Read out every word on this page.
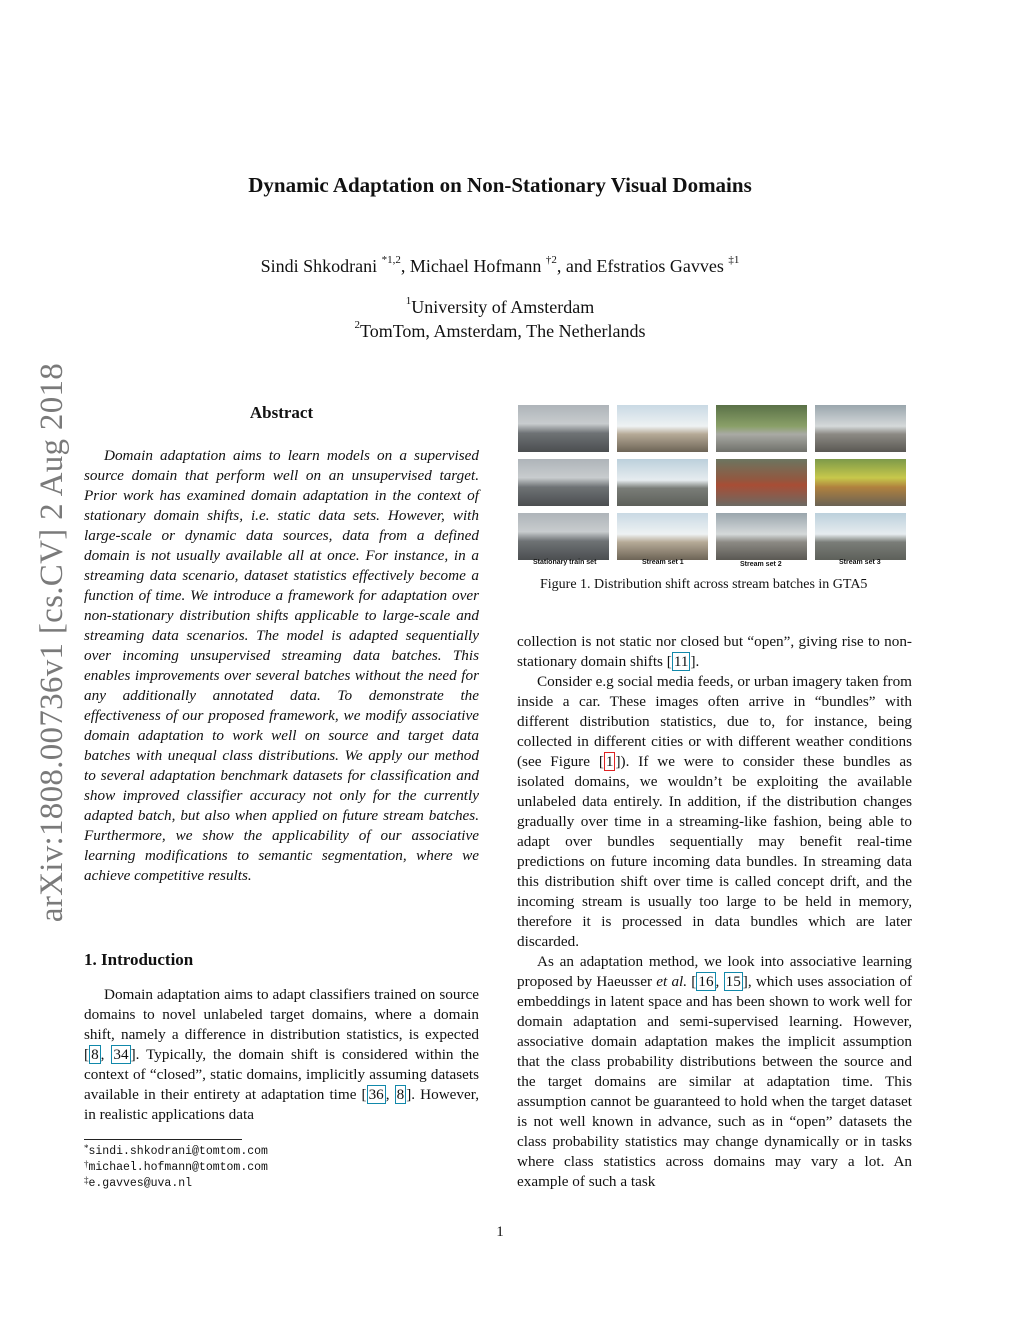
arXiv:1808.00736v1 [cs.CV] 2 Aug 2018
Dynamic Adaptation on Non-Stationary Visual Domains
Sindi Shkodrani $^{*1,2}$, Michael Hofmann $^{\dagger 2}$, and Efstratios Gavves $^{\ddagger 1}$
$^1$University of Amsterdam
$^2$TomTom, Amsterdam, The Netherlands
Abstract

Domain adaptation aims to learn models on a supervised source domain that perform well on an unsupervised target. Prior work has examined domain adaptation in the context of stationary domain shifts, i.e. static data sets. However, with large-scale or dynamic data sources, data from a defined domain is not usually available all at once. For instance, in a streaming data scenario, dataset statistics effectively become a function of time. We introduce a framework for adaptation over non-stationary distribution shifts applicable to large-scale and streaming data scenarios. The model is adapted sequentially over incoming unsupervised streaming data batches. This enables improvements over several batches without the need for any additionally annotated data. To demonstrate the effectiveness of our proposed framework, we modify associative domain adaptation to work well on source and target data batches with unequal class distributions. We apply our method to several adaptation benchmark datasets for classification and show improved classifier accuracy not only for the currently adapted batch, but also when applied on future stream batches. Furthermore, we show the applicability of our associative learning modifications to semantic segmentation, where we achieve competitive results.

1. Introduction

Domain adaptation aims to adapt classifiers trained on source domains to novel unlabeled target domains, where a domain shift, namely a difference in distribution statistics, is expected [ 8 , 34 ]. Typically, the domain shift is considered within the context of “closed”, static domains, implicitly assuming datasets available in their entirety at adaptation time [ 36 , 8 ]. However, in realistic applications data

*sindi.shkodrani@tomtom.com
†michael.hofmann@tomtom.com
‡e.gavves@uva.nl
Stationary train set	Stream set 1	Stream set 2	Stream set 3
Figure 1. Distribution shift across stream batches in GTA5

collection is not static nor closed but “open”, giving rise to non-stationary domain shifts [ 11 ].

Consider e.g social media feeds, or urban imagery taken from inside a car. These images often arrive in “bundles” with different distribution statistics, due to, for instance, being collected in different cities or with different weather conditions (see Figure [ 1 ]). If we were to consider these bundles as isolated domains, we wouldn’t be exploiting the available unlabeled data entirely. In addition, if the distribution changes gradually over time in a streaming-like fashion, being able to adapt over bundles sequentially may benefit real-time predictions on future incoming data bundles. In streaming data this distribution shift over time is called concept drift, and the incoming stream is usually too large to be held in memory, therefore it is processed in data bundles which are later discarded.

As an adaptation method, we look into associative learning proposed by Haeusser et al. [ 16 , 15 ], which uses association of embeddings in latent space and has been shown to work well for domain adaptation and semi-supervised learning. However, associative domain adaptation makes the implicit assumption that the class probability distributions between the source and the target domains are similar at adaptation time. This assumption cannot be guaranteed to hold when the target dataset is not well known in advance, such as in “open” datasets the class probability statistics may change dynamically or in tasks where class statistics across domains may vary a lot. An example of such a task

1
